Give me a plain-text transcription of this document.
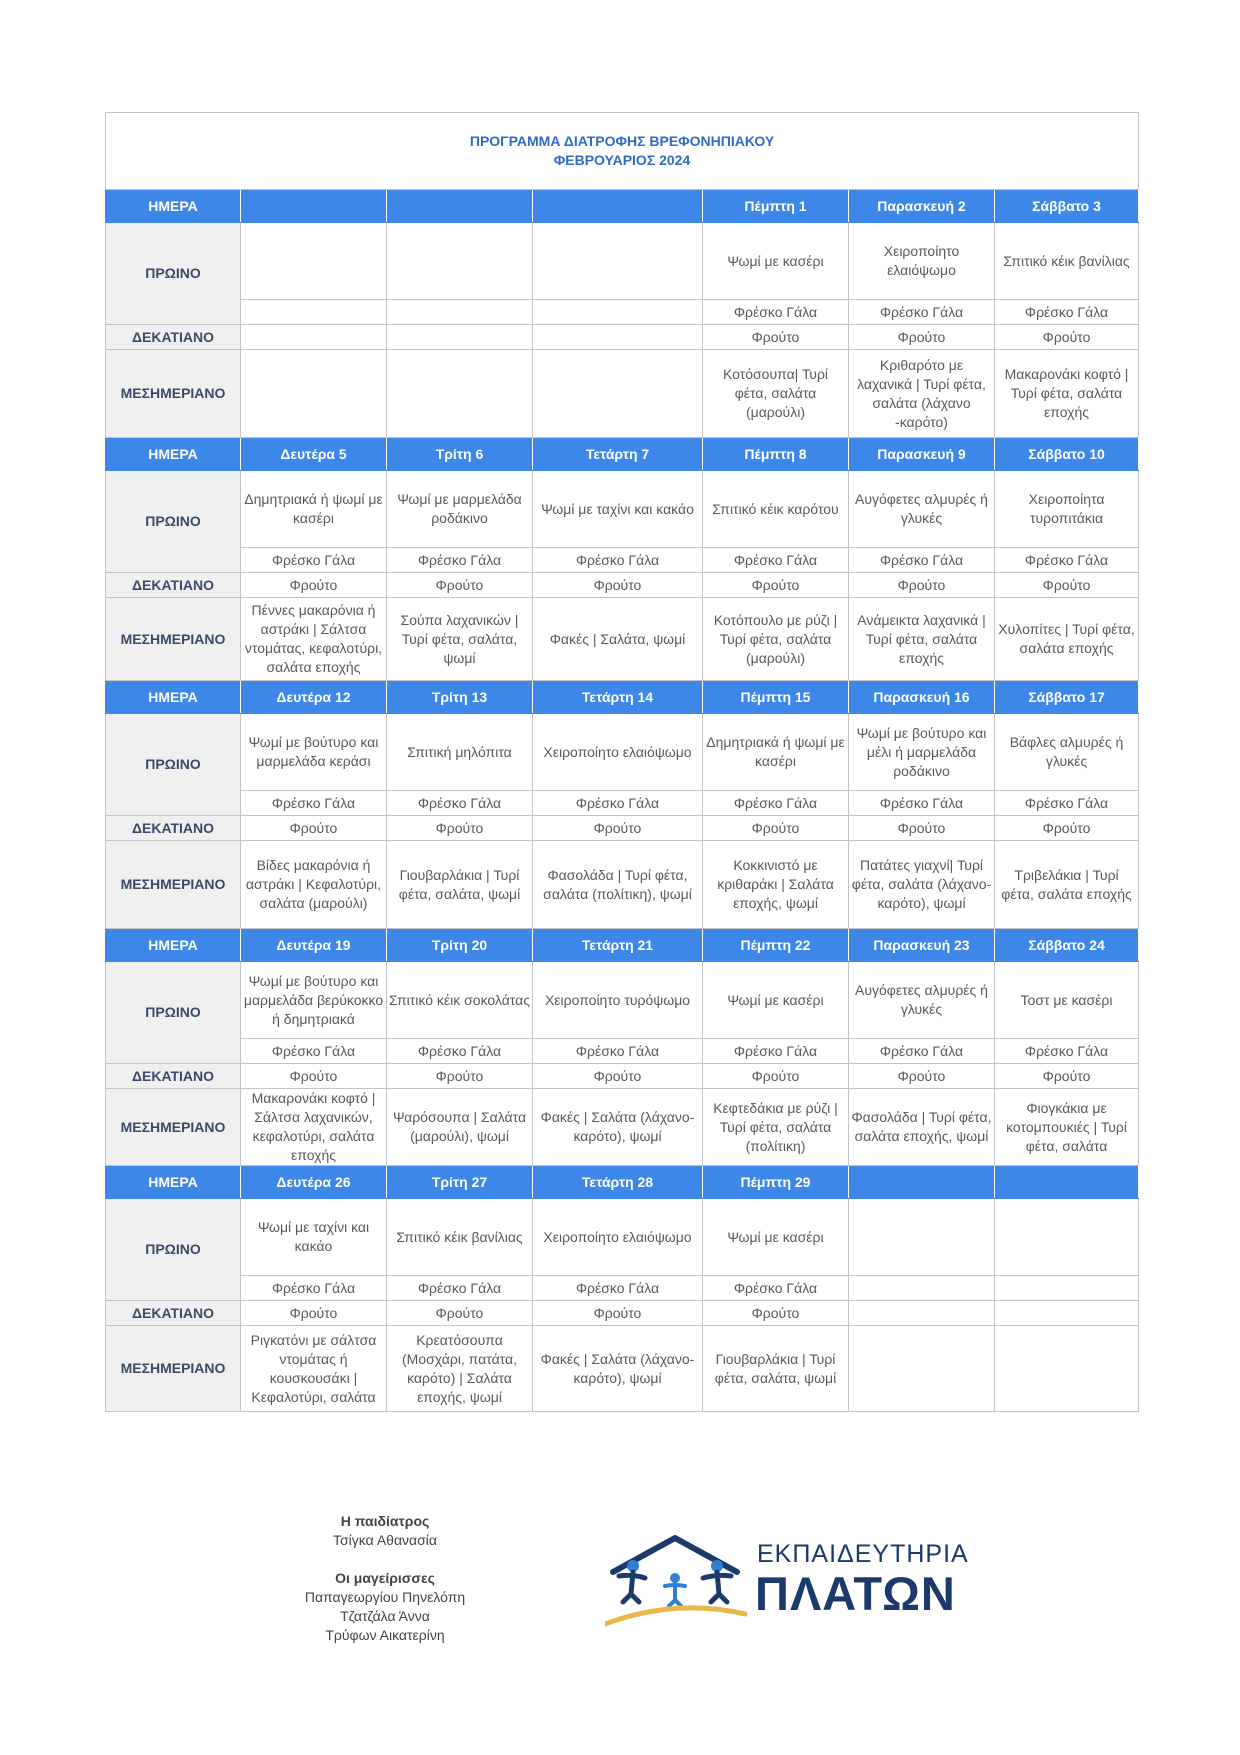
ΠΡΟΓΡΑΜΜΑ ΔΙΑΤΡΟΦΗΣ ΒΡΕΦΟΝΗΠΙΑΚΟΥ
ΦΕΒΡΟΥΑΡΙΟΣ 2024						

ΗΜΕΡΑ				Πέμπτη 1	Παρασκευή 2	Σάββατο 3

ΠΡΩΙΝΟ				Ψωμί με κασέρι	Χειροποίητο ελαιόψωμο	Σπιτικό κέικ βανίλιας

				Φρέσκο Γάλα	Φρέσκο Γάλα	Φρέσκο Γάλα

ΔΕΚΑΤΙΑΝΟ				Φρούτο	Φρούτο	Φρούτο

ΜΕΣΗΜΕΡΙΑΝΟ				Κοτόσουπα| Τυρί φέτα, σαλάτα (μαρούλι)	Κριθαρότο με λαχανικά | Τυρί φέτα, σαλάτα (λάχανο -καρότο)	Μακαρονάκι κοφτό | Τυρί φέτα, σαλάτα εποχής

ΗΜΕΡΑ	Δευτέρα 5	Τρίτη 6	Τετάρτη 7	Πέμπτη 8	Παρασκευή 9	Σάββατο 10

ΠΡΩΙΝΟ	Δημητριακά ή ψωμί με κασέρι	Ψωμί με μαρμελάδα ροδάκινο	Ψωμί με ταχίνι και κακάο	Σπιτικό κέικ καρότου	Αυγόφετες αλμυρές ή γλυκές	Χειροποίητα τυροπιτάκια

	Φρέσκο Γάλα	Φρέσκο Γάλα	Φρέσκο Γάλα	Φρέσκο Γάλα	Φρέσκο Γάλα	Φρέσκο Γάλα

ΔΕΚΑΤΙΑΝΟ	Φρούτο	Φρούτο	Φρούτο	Φρούτο	Φρούτο	Φρούτο

ΜΕΣΗΜΕΡΙΑΝΟ	Πέννες μακαρόνια ή αστράκι | Σάλτσα ντομάτας, κεφαλοτύρι, σαλάτα εποχής	Σούπα λαχανικών | Τυρί φέτα, σαλάτα, ψωμί	Φακές | Σαλάτα, ψωμί	Κοτόπουλο με ρύζι | Τυρί φέτα, σαλάτα (μαρούλι)	Ανάμεικτα λαχανικά | Τυρί φέτα, σαλάτα εποχής	Χυλοπίτες | Τυρί φέτα, σαλάτα εποχής

ΗΜΕΡΑ	Δευτέρα 12	Τρίτη 13	Τετάρτη 14	Πέμπτη 15	Παρασκευή 16	Σάββατο 17

ΠΡΩΙΝΟ	Ψωμί με βούτυρο και μαρμελάδα κεράσι	Σπιτική μηλόπιτα	Χειροποίητο ελαιόψωμο	Δημητριακά ή ψωμί με κασέρι	Ψωμί με βούτυρο και μέλι ή μαρμελάδα ροδάκινο	Βάφλες αλμυρές ή γλυκές

	Φρέσκο Γάλα	Φρέσκο Γάλα	Φρέσκο Γάλα	Φρέσκο Γάλα	Φρέσκο Γάλα	Φρέσκο Γάλα

ΔΕΚΑΤΙΑΝΟ	Φρούτο	Φρούτο	Φρούτο	Φρούτο	Φρούτο	Φρούτο

ΜΕΣΗΜΕΡΙΑΝΟ	Βίδες μακαρόνια ή αστράκι | Κεφαλοτύρι, σαλάτα (μαρούλι)	Γιουβαρλάκια | Τυρί φέτα, σαλάτα, ψωμί	Φασολάδα | Τυρί φέτα, σαλάτα (πολίτικη), ψωμί	Κοκκινιστό με κριθαράκι | Σαλάτα εποχής, ψωμί	Πατάτες γιαχνί| Τυρί φέτα, σαλάτα (λάχανο-καρότο), ψωμί	Τριβελάκια | Τυρί φέτα, σαλάτα εποχής

ΗΜΕΡΑ	Δευτέρα 19	Τρίτη 20	Τετάρτη 21	Πέμπτη 22	Παρασκευή 23	Σάββατο 24

ΠΡΩΙΝΟ	Ψωμί με βούτυρο και μαρμελάδα βερύκοκκο ή δημητριακά	Σπιτικό κέικ σοκολάτας	Χειροποίητο τυρόψωμο	Ψωμί με κασέρι	Αυγόφετες αλμυρές ή γλυκές	Τοστ με κασέρι

	Φρέσκο Γάλα	Φρέσκο Γάλα	Φρέσκο Γάλα	Φρέσκο Γάλα	Φρέσκο Γάλα	Φρέσκο Γάλα

ΔΕΚΑΤΙΑΝΟ	Φρούτο	Φρούτο	Φρούτο	Φρούτο	Φρούτο	Φρούτο

ΜΕΣΗΜΕΡΙΑΝΟ	Μακαρονάκι κοφτό | Σάλτσα λαχανικών, κεφαλοτύρι, σαλάτα εποχής	Ψαρόσουπα | Σαλάτα (μαρούλι), ψωμί	Φακές | Σαλάτα (λάχανο-καρότο), ψωμί	Κεφτεδάκια με ρύζι | Τυρί φέτα, σαλάτα (πολίτικη)	Φασολάδα | Τυρί φέτα, σαλάτα εποχής, ψωμί	Φιογκάκια με κοτομπουκιές | Τυρί φέτα, σαλάτα

ΗΜΕΡΑ	Δευτέρα 26	Τρίτη 27	Τετάρτη 28	Πέμπτη 29		

ΠΡΩΙΝΟ	Ψωμί με ταχίνι και κακάο	Σπιτικό κέικ βανίλιας	Χειροποίητο ελαιόψωμο	Ψωμί με κασέρι		

	Φρέσκο Γάλα	Φρέσκο Γάλα	Φρέσκο Γάλα	Φρέσκο Γάλα		

ΔΕΚΑΤΙΑΝΟ	Φρούτο	Φρούτο	Φρούτο	Φρούτο		

ΜΕΣΗΜΕΡΙΑΝΟ	Ριγκατόνι με σάλτσα ντομάτας ή κουσκουσάκι | Κεφαλοτύρι, σαλάτα	Κρεατόσουπα (Μοσχάρι, πατάτα, καρότο) | Σαλάτα εποχής, ψωμί	Φακές | Σαλάτα (λάχανο-καρότο), ψωμί	Γιουβαρλάκια | Τυρί φέτα, σαλάτα, ψωμί		

Η παιδίατρος
Τσίγκα Αθανασία
Οι μαγείρισσες
Παπαγεωργίου Πηνελόπη
Τζατζάλα Άννα
Τρύφων Αικατερίνη
ΕΚΠΑΙΔΕΥΤΗΡΙΑ
ΠΛΑΤΩΝ
